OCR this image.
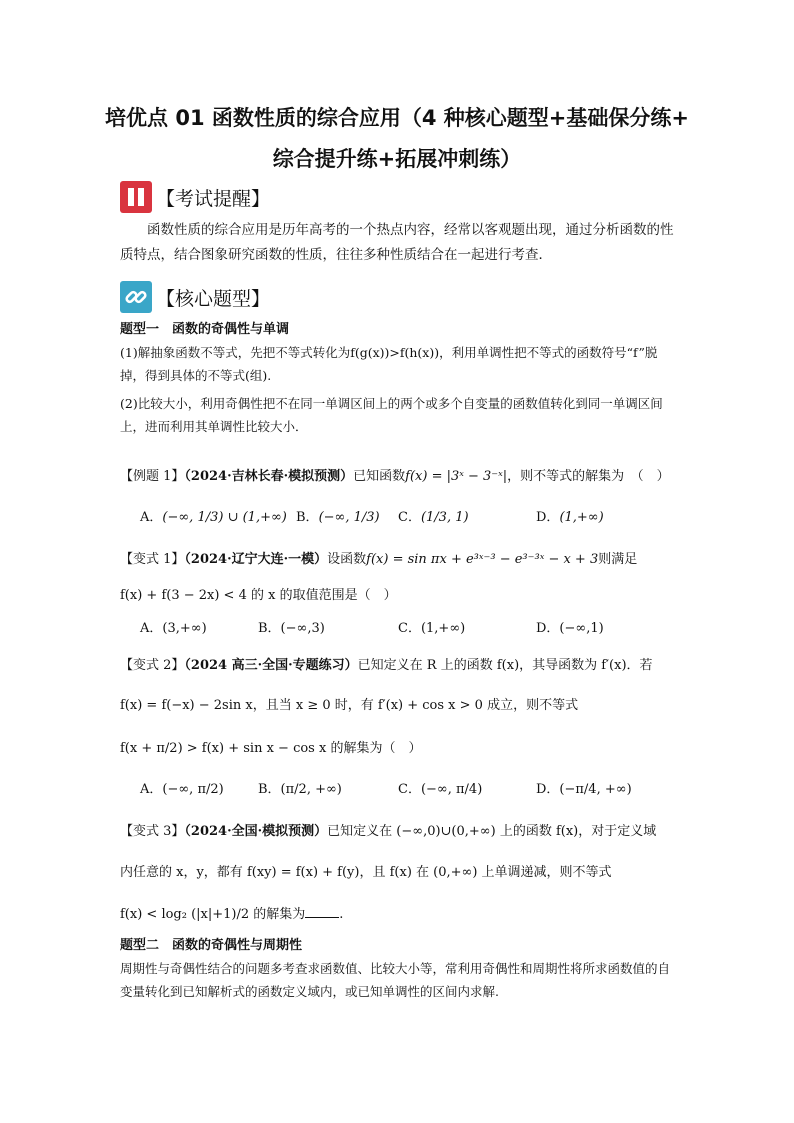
培优点 01 函数性质的综合应用（4 种核心题型+基础保分练+
综合提升练+拓展冲刺练）
【考试提醒】
函数性质的综合应用是历年高考的一个热点内容，经常以客观题出现，通过分析函数的性质特点，结合图象研究函数的性质，往往多种性质结合在一起进行考查．
【核心题型】
题型一　函数的奇偶性与单调
(1)解抽象函数不等式，先把不等式转化为f(g(x))>f(h(x))，利用单调性把不等式的函数符号“f”脱掉，得到具体的不等式(组).
(2)比较大小，利用奇偶性把不在同一单调区间上的两个或多个自变量的函数值转化到同一单调区间上，进而利用其单调性比较大小．
【例题 1】（2024·吉林长春·模拟预测）已知函数f(x) = |3ˣ − 3⁻ˣ|，则不等式的解集为　（　）
A．(−∞, 1/3) ∪ (1,+∞) B．(−∞, 1/3) C．(1/3, 1)	D．(1,+∞)
【变式 1】（2024·辽宁大连·一模）设函数f(x) = sin πx + e³ˣ⁻³ − e³⁻³ˣ − x + 3则满足
f(x) + f(3 − 2x) < 4 的 x 的取值范围是（　）
A．(3,+∞)	B．(−∞,3)	C．(1,+∞)	D．(−∞,1)
【变式 2】（2024 高三·全国·专题练习）已知定义在 R 上的函数 f(x)，其导函数为 f′(x)．若
f(x) = f(−x) − 2sin x，且当 x ≥ 0 时，有 f′(x) + cos x > 0 成立，则不等式
f(x + π/2) > f(x) + sin x − cos x 的解集为（　）
A．(−∞, π/2)	B．(π/2, +∞)	C．(−∞, π/4)	D．(−π/4, +∞)
【变式 3】（2024·全国·模拟预测）已知定义在 (−∞,0)∪(0,+∞) 上的函数 f(x)，对于定义域
内任意的 x，y，都有 f(xy) = f(x) + f(y)，且 f(x) 在 (0,+∞) 上单调递减，则不等式
f(x) < log₂ (|x|+1)/2 的解集为	.
题型二　函数的奇偶性与周期性
周期性与奇偶性结合的问题多考查求函数值、比较大小等，常利用奇偶性和周期性将所求函数值的自变量转化到已知解析式的函数定义域内，或已知单调性的区间内求解.
